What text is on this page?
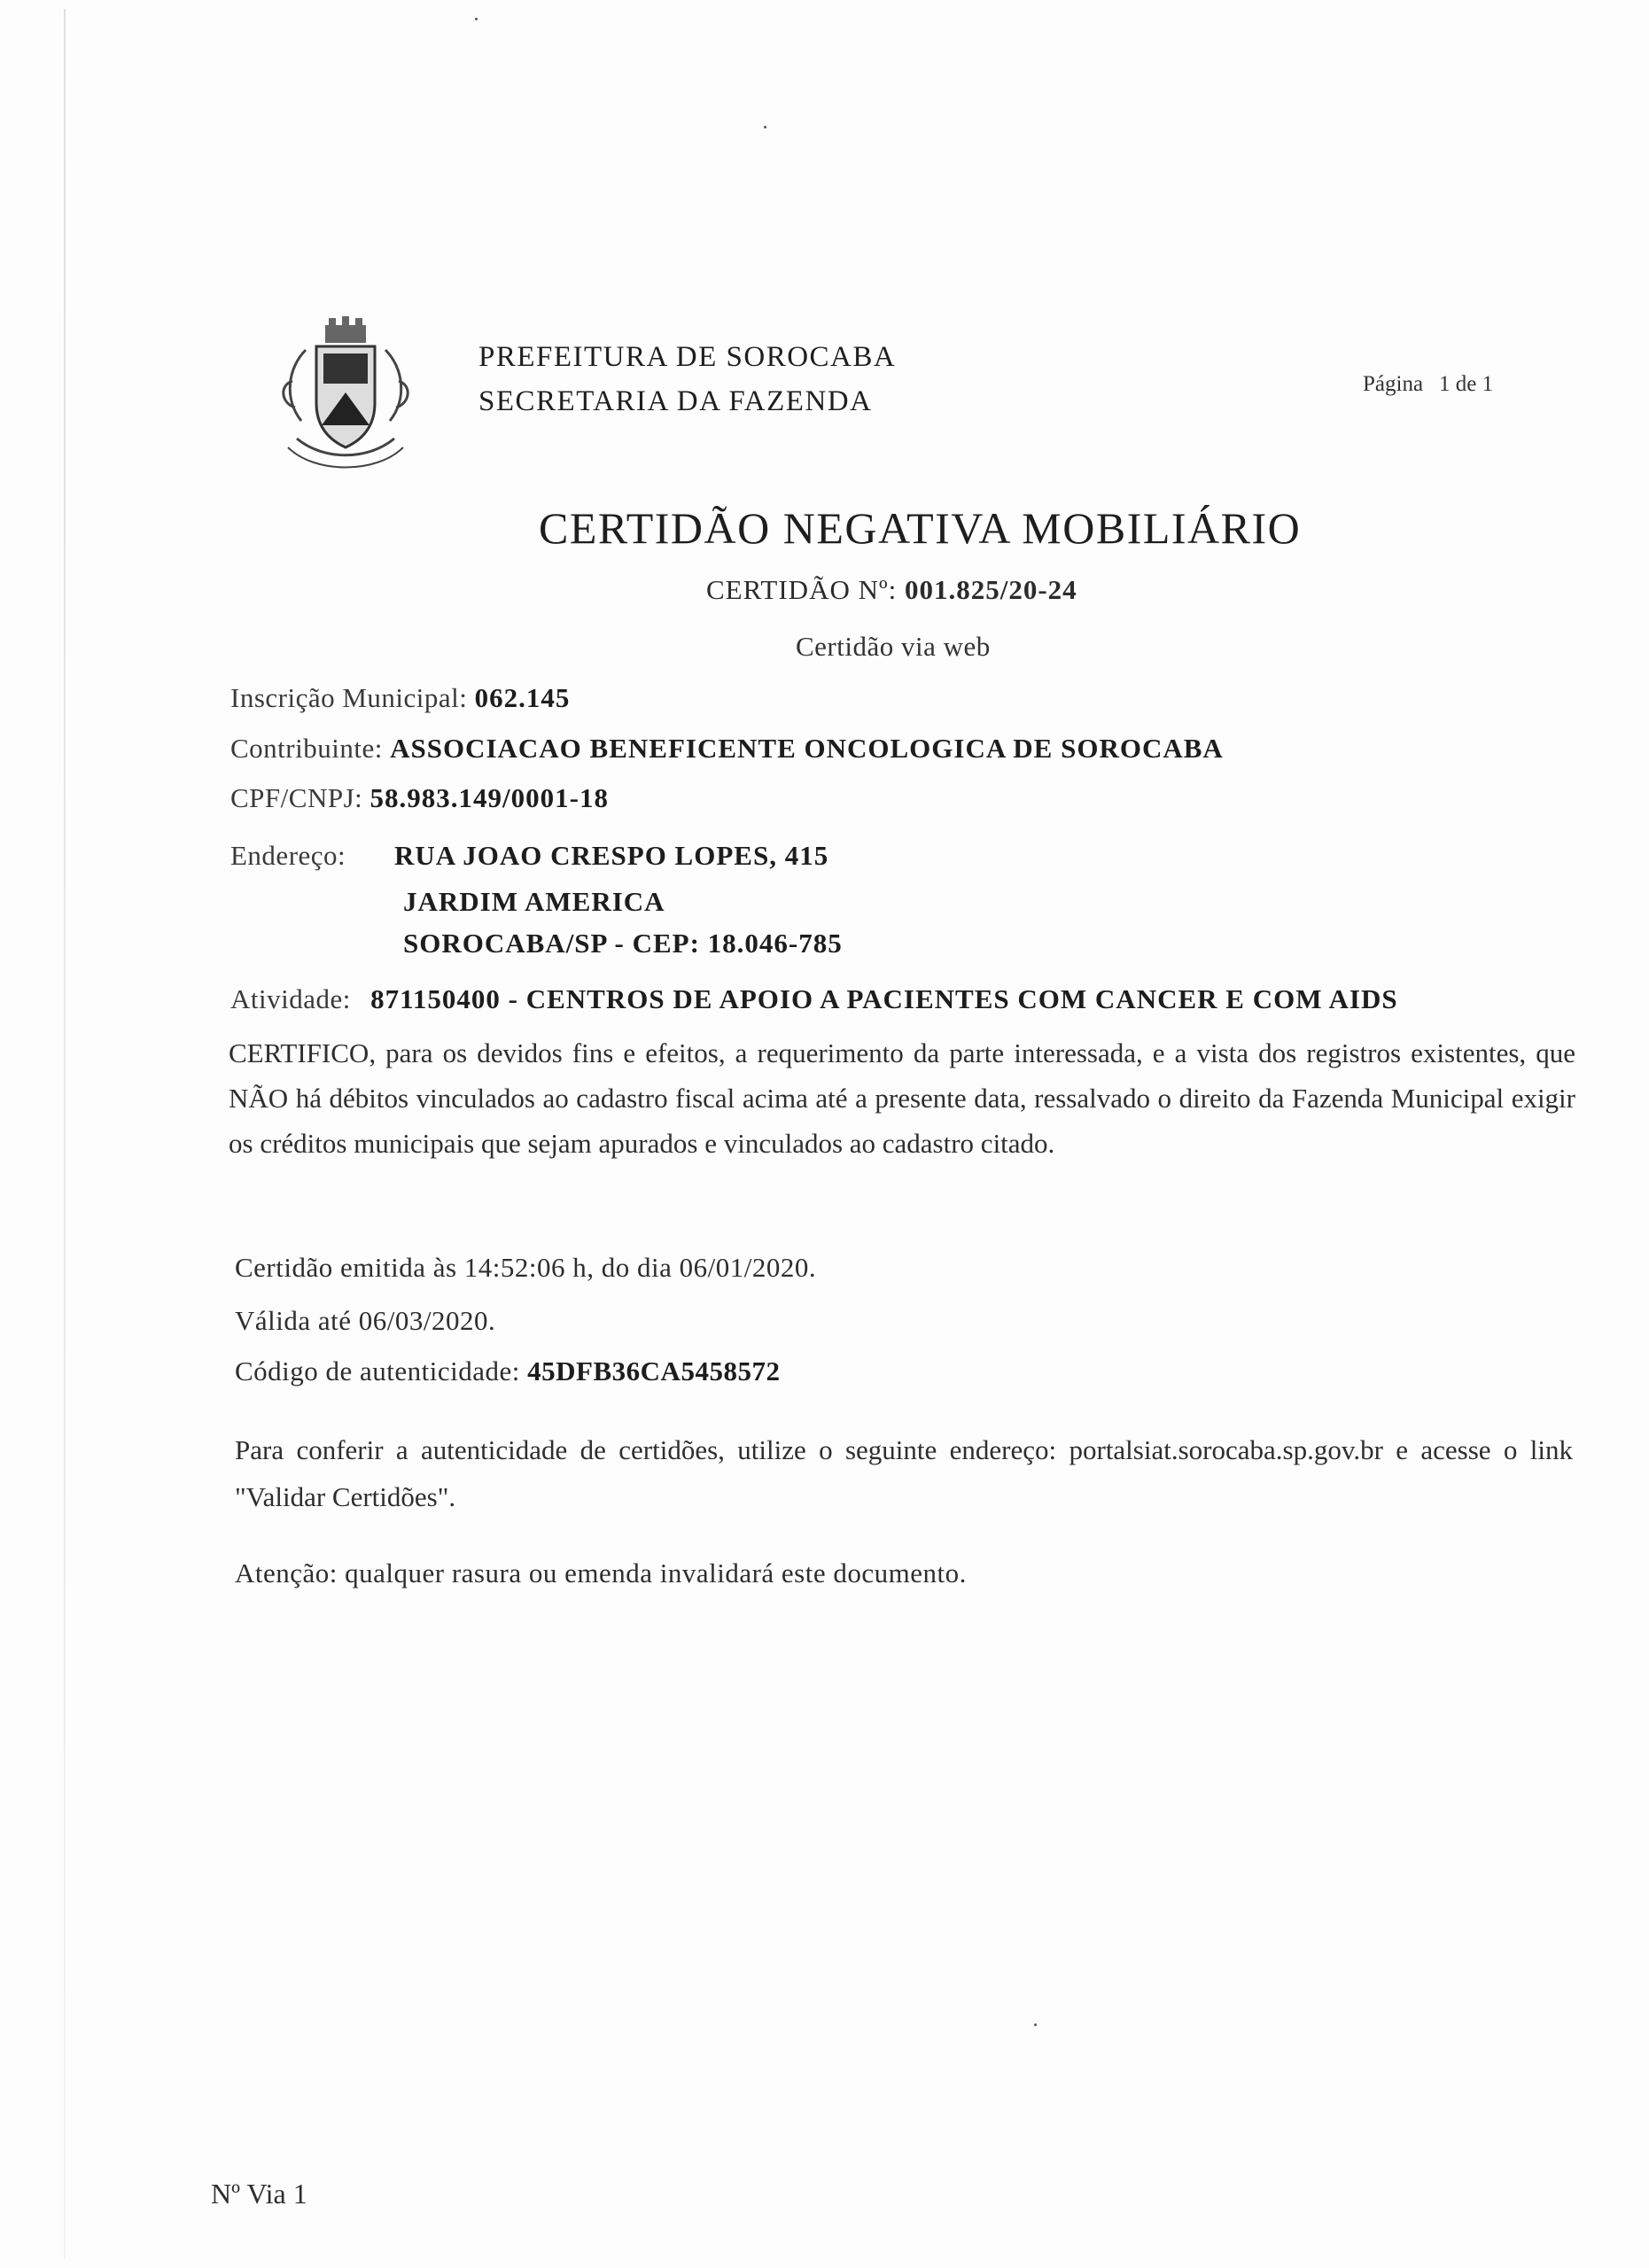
PREFEITURA DE SOROCABA
SECRETARIA DA FAZENDA
Página 1 de 1
CERTIDÃO NEGATIVA MOBILIÁRIO
CERTIDÃO Nº: 001.825/20-24
Certidão via web
Inscrição Municipal: 062.145
Contribuinte: ASSOCIACAO BENEFICENTE ONCOLOGICA DE SOROCABA
CPF/CNPJ: 58.983.149/0001-18
Endereço: RUA JOAO CRESPO LOPES, 415
JARDIM AMERICA
SOROCABA/SP - CEP: 18.046-785
Atividade: 871150400 - CENTROS DE APOIO A PACIENTES COM CANCER E COM AIDS
CERTIFICO, para os devidos fins e efeitos, a requerimento da parte interessada, e a vista dos registros existentes, que NÃO há débitos vinculados ao cadastro fiscal acima até a presente data, ressalvado o direito da Fazenda Municipal exigir os créditos municipais que sejam apurados e vinculados ao cadastro citado.
Certidão emitida às 14:52:06 h, do dia 06/01/2020.
Válida até 06/03/2020.
Código de autenticidade: 45DFB36CA5458572
Para conferir a autenticidade de certidões, utilize o seguinte endereço: portalsiat.sorocaba.sp.gov.br e acesse o link "Validar Certidões".
Atenção: qualquer rasura ou emenda invalidará este documento.
Nº Via 1
